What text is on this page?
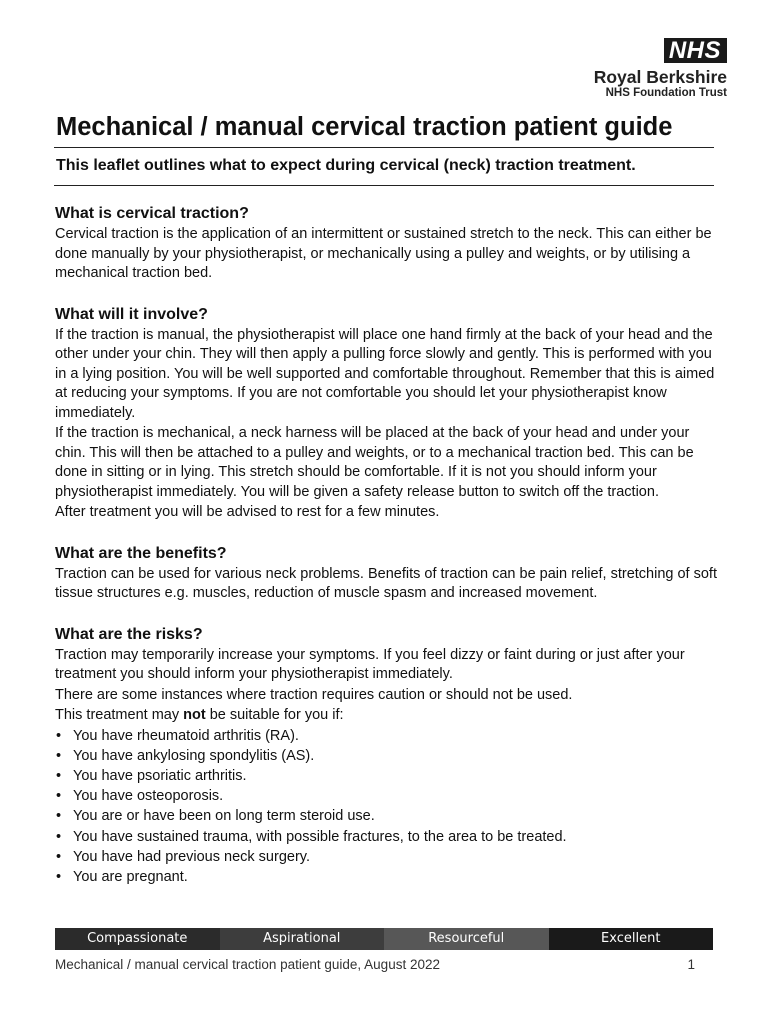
NHS
Royal Berkshire
NHS Foundation Trust
Mechanical / manual cervical traction patient guide

This leaflet outlines what to expect during cervical (neck) traction treatment.

What is cervical traction?

Cervical traction is the application of an intermittent or sustained stretch to the neck. This can either be done manually by your physiotherapist, or mechanically using a pulley and weights, or by utilising a mechanical traction bed.

What will it involve?

If the traction is manual, the physiotherapist will place one hand firmly at the back of your head and the other under your chin. They will then apply a pulling force slowly and gently. This is performed with you in a lying position. You will be well supported and comfortable throughout. Remember that this is aimed at reducing your symptoms. If you are not comfortable you should let your physiotherapist know immediately.

If the traction is mechanical, a neck harness will be placed at the back of your head and under your chin. This will then be attached to a pulley and weights, or to a mechanical traction bed. This can be done in sitting or in lying. This stretch should be comfortable. If it is not you should inform your physiotherapist immediately. You will be given a safety release button to switch off the traction.

After treatment you will be advised to rest for a few minutes.

What are the benefits?

Traction can be used for various neck problems. Benefits of traction can be pain relief, stretching of soft tissue structures e.g. muscles, reduction of muscle spasm and increased movement.

What are the risks?

Traction may temporarily increase your symptoms. If you feel dizzy or faint during or just after your treatment you should inform your physiotherapist immediately.

There are some instances where traction requires caution or should not be used.

This treatment may not be suitable for you if:

• You have rheumatoid arthritis (RA).
• You have ankylosing spondylitis (AS).
• You have psoriatic arthritis.
• You have osteoporosis.
• You are or have been on long term steroid use.
• You have sustained trauma, with possible fractures, to the area to be treated.
• You have had previous neck surgery.
• You are pregnant.
Compassionate	Aspirational	Resourceful	Excellent
Mechanical / manual cervical traction patient guide, August 2022	1
